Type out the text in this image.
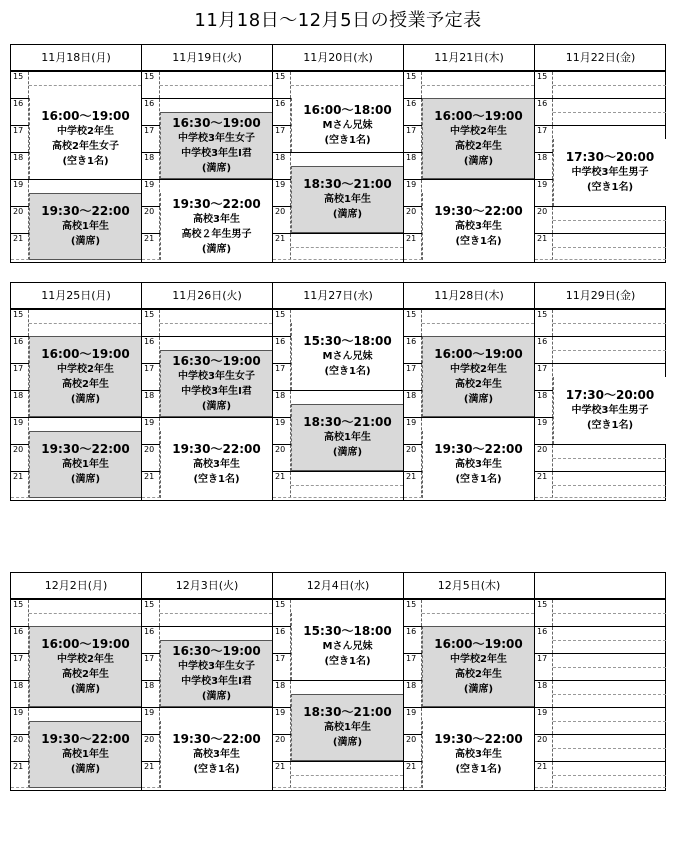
11月18日～12月5日の授業予定表
11月18日(月)
15
16
17
18
19
20
21
16:00～19:00
中学校2年生
高校2年生女子
(空き1名)
19:30～22:00
高校1年生
(満席)
11月19日(火)
15
16
17
18
19
20
21
16:30～19:00
中学校3年生女子
中学校3年生I君
(満席)
19:30～22:00
高校3年生
高校２年生男子
(満席)
11月20日(水)
15
16
17
18
19
20
21
16:00～18:00
Mさん兄妹
(空き1名)
18:30～21:00
高校1年生
(満席)
11月21日(木)
15
16
17
18
19
20
21
16:00～19:00
中学校2年生
高校2年生
(満席)
19:30～22:00
高校3年生
(空き1名)
11月22日(金)
15
16
17
18
19
20
21
17:30～20:00
中学校3年生男子
(空き1名)
11月25日(月)
15
16
17
18
19
20
21
16:00～19:00
中学校2年生
高校2年生
(満席)
19:30～22:00
高校1年生
(満席)
11月26日(火)
15
16
17
18
19
20
21
16:30～19:00
中学校3年生女子
中学校3年生I君
(満席)
19:30～22:00
高校3年生
(空き1名)
11月27日(水)
15
16
17
18
19
20
21
15:30～18:00
Mさん兄妹
(空き1名)
18:30～21:00
高校1年生
(満席)
11月28日(木)
15
16
17
18
19
20
21
16:00～19:00
中学校2年生
高校2年生
(満席)
19:30～22:00
高校3年生
(空き1名)
11月29日(金)
15
16
17
18
19
20
21
17:30～20:00
中学校3年生男子
(空き1名)
12月2日(月)
15
16
17
18
19
20
21
16:00～19:00
中学校2年生
高校2年生
(満席)
19:30～22:00
高校1年生
(満席)
12月3日(火)
15
16
17
18
19
20
21
16:30～19:00
中学校3年生女子
中学校3年生I君
(満席)
19:30～22:00
高校3年生
(空き1名)
12月4日(水)
15
16
17
18
19
20
21
15:30～18:00
Mさん兄妹
(空き1名)
18:30～21:00
高校1年生
(満席)
12月5日(木)
15
16
17
18
19
20
21
16:00～19:00
中学校2年生
高校2年生
(満席)
19:30～22:00
高校3年生
(空き1名)
15
16
17
18
19
20
21
